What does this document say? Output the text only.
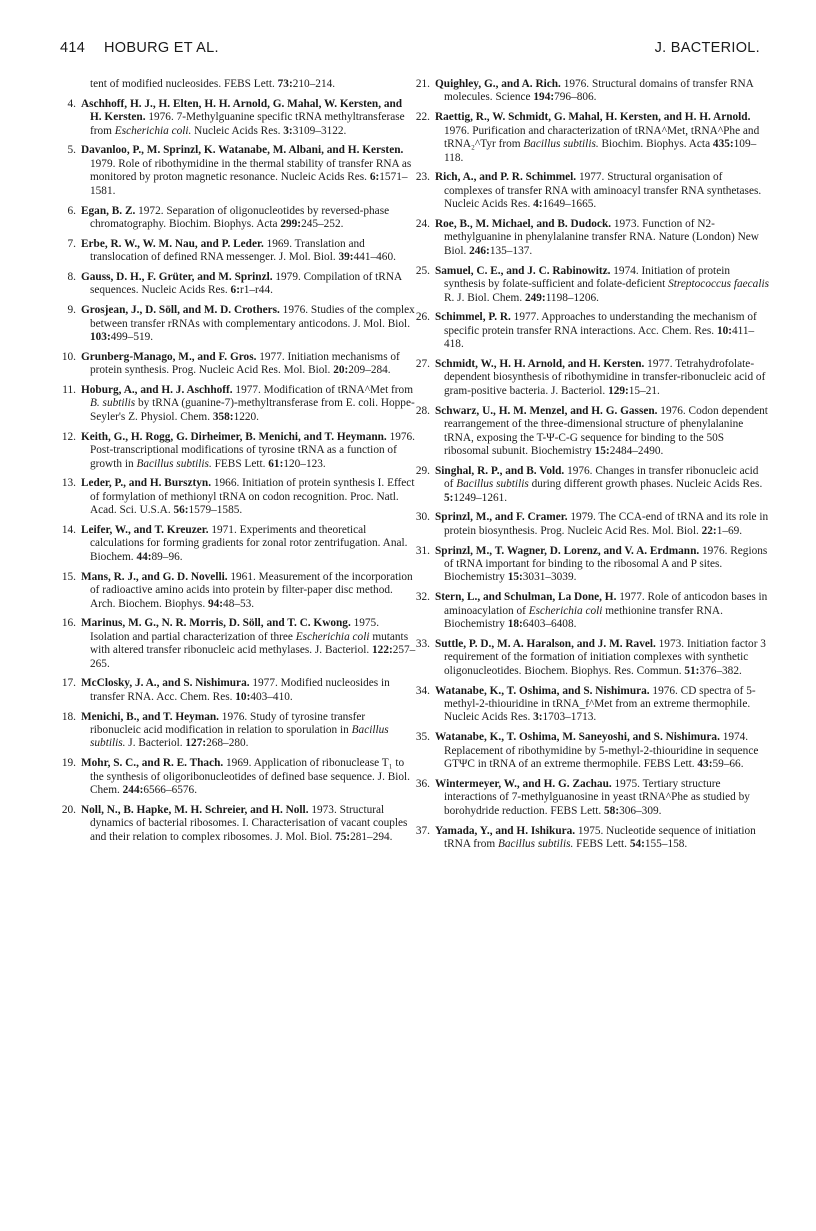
414 HOBURG ET AL.	J. BACTERIOL.
tent of modified nucleosides. FEBS Lett. 73:210–214.
4. Aschhoff, H. J., H. Elten, H. H. Arnold, G. Mahal, W. Kersten, and H. Kersten. 1976. 7-Methylguanine specific tRNA methyltransferase from Escherichia coli. Nucleic Acids Res. 3:3109–3122.
5. Davanloo, P., M. Sprinzl, K. Watanabe, M. Albani, and H. Kersten. 1979. Role of ribothymidine in the thermal stability of transfer RNA as monitored by proton magnetic resonance. Nucleic Acids Res. 6:1571–1581.
6. Egan, B. Z. 1972. Separation of oligonucleotides by reversed-phase chromatography. Biochim. Biophys. Acta 299:245–252.
7. Erbe, R. W., W. M. Nau, and P. Leder. 1969. Translation and translocation of defined RNA messenger. J. Mol. Biol. 39:441–460.
8. Gauss, D. H., F. Grüter, and M. Sprinzl. 1979. Compilation of tRNA sequences. Nucleic Acids Res. 6:r1–r44.
9. Grosjean, J., D. Söll, and M. D. Crothers. 1976. Studies of the complex between transfer rRNAs with complementary anticodons. J. Mol. Biol. 103:499–519.
10. Grunberg-Manago, M., and F. Gros. 1977. Initiation mechanisms of protein synthesis. Prog. Nucleic Acid Res. Mol. Biol. 20:209–284.
11. Hoburg, A., and H. J. Aschhoff. 1977. Modification of tRNA^Met from B. subtilis by tRNA (guanine-7)-methyltransferase from E. coli. Hoppe-Seyler's Z. Physiol. Chem. 358:1220.
12. Keith, G., H. Rogg, G. Dirheimer, B. Menichi, and T. Heymann. 1976. Post-transcriptional modifications of tyrosine tRNA as a function of growth in Bacillus subtilis. FEBS Lett. 61:120–123.
13. Leder, P., and H. Bursztyn. 1966. Initiation of protein synthesis I. Effect of formylation of methionyl tRNA on codon recognition. Proc. Natl. Acad. Sci. U.S.A. 56:1579–1585.
14. Leifer, W., and T. Kreuzer. 1971. Experiments and theoretical calculations for forming gradients for zonal rotor zentrifugation. Anal. Biochem. 44:89–96.
15. Mans, R. J., and G. D. Novelli. 1961. Measurement of the incorporation of radioactive amino acids into protein by filter-paper disc method. Arch. Biochem. Biophys. 94:48–53.
16. Marinus, M. G., N. R. Morris, D. Söll, and T. C. Kwong. 1975. Isolation and partial characterization of three Escherichia coli mutants with altered transfer ribonucleic acid methylases. J. Bacteriol. 122:257–265.
17. McClosky, J. A., and S. Nishimura. 1977. Modified nucleosides in transfer RNA. Acc. Chem. Res. 10:403–410.
18. Menichi, B., and T. Heyman. 1976. Study of tyrosine transfer ribonucleic acid modification in relation to sporulation in Bacillus subtilis. J. Bacteriol. 127:268–280.
19. Mohr, S. C., and R. E. Thach. 1969. Application of ribonuclease T₁ to the synthesis of oligoribonucleotides of defined base sequence. J. Biol. Chem. 244:6566–6576.
20. Noll, N., B. Hapke, M. H. Schreier, and H. Noll. 1973. Structural dynamics of bacterial ribosomes. I. Characterisation of vacant couples and their relation to complex ribosomes. J. Mol. Biol. 75:281–294.
21. Quighley, G., and A. Rich. 1976. Structural domains of transfer RNA molecules. Science 194:796–806.
22. Raettig, R., W. Schmidt, G. Mahal, H. Kersten, and H. H. Arnold. 1976. Purification and characterization of tRNA^Met, tRNA^Phe and tRNA₂^Tyr from Bacillus subtilis. Biochim. Biophys. Acta 435:109–118.
23. Rich, A., and P. R. Schimmel. 1977. Structural organisation of complexes of transfer RNA with aminoacyl transfer RNA synthetases. Nucleic Acids Res. 4:1649–1665.
24. Roe, B., M. Michael, and B. Dudock. 1973. Function of N2-methylguanine in phenylalanine transfer RNA. Nature (London) New Biol. 246:135–137.
25. Samuel, C. E., and J. C. Rabinowitz. 1974. Initiation of protein synthesis by folate-sufficient and folate-deficient Streptococcus faecalis R. J. Biol. Chem. 249:1198–1206.
26. Schimmel, P. R. 1977. Approaches to understanding the mechanism of specific protein transfer RNA interactions. Acc. Chem. Res. 10:411–418.
27. Schmidt, W., H. H. Arnold, and H. Kersten. 1977. Tetrahydrofolate-dependent biosynthesis of ribothymidine in transfer-ribonucleic acid of gram-positive bacteria. J. Bacteriol. 129:15–21.
28. Schwarz, U., H. M. Menzel, and H. G. Gassen. 1976. Codon dependent rearrangement of the three-dimensional structure of phenylalanine tRNA, exposing the T-Ψ-C-G sequence for binding to the 50S ribosomal subunit. Biochemistry 15:2484–2490.
29. Singhal, R. P., and B. Vold. 1976. Changes in transfer ribonucleic acid of Bacillus subtilis during different growth phases. Nucleic Acids Res. 5:1249–1261.
30. Sprinzl, M., and F. Cramer. 1979. The CCA-end of tRNA and its role in protein biosynthesis. Prog. Nucleic Acid Res. Mol. Biol. 22:1–69.
31. Sprinzl, M., T. Wagner, D. Lorenz, and V. A. Erdmann. 1976. Regions of tRNA important for binding to the ribosomal A and P sites. Biochemistry 15:3031–3039.
32. Stern, L., and Schulman, La Done, H. 1977. Role of anticodon bases in aminoacylation of Escherichia coli methionine transfer RNA. Biochemistry 18:6403–6408.
33. Suttle, P. D., M. A. Haralson, and J. M. Ravel. 1973. Initiation factor 3 requirement of the formation of initiation complexes with synthetic oligonucleotides. Biochem. Biophys. Res. Commun. 51:376–382.
34. Watanabe, K., T. Oshima, and S. Nishimura. 1976. CD spectra of 5-methyl-2-thiouridine in tRNA_f^Met from an extreme thermophile. Nucleic Acids Res. 3:1703–1713.
35. Watanabe, K., T. Oshima, M. Saneyoshi, and S. Nishimura. 1974. Replacement of ribothymidine by 5-methyl-2-thiouridine in sequence GTΨC in tRNA of an extreme thermophile. FEBS Lett. 43:59–66.
36. Wintermeyer, W., and H. G. Zachau. 1975. Tertiary structure interactions of 7-methylguanosine in yeast tRNA^Phe as studied by borohydride reduction. FEBS Lett. 58:306–309.
37. Yamada, Y., and H. Ishikura. 1975. Nucleotide sequence of initiation tRNA from Bacillus subtilis. FEBS Lett. 54:155–158.
